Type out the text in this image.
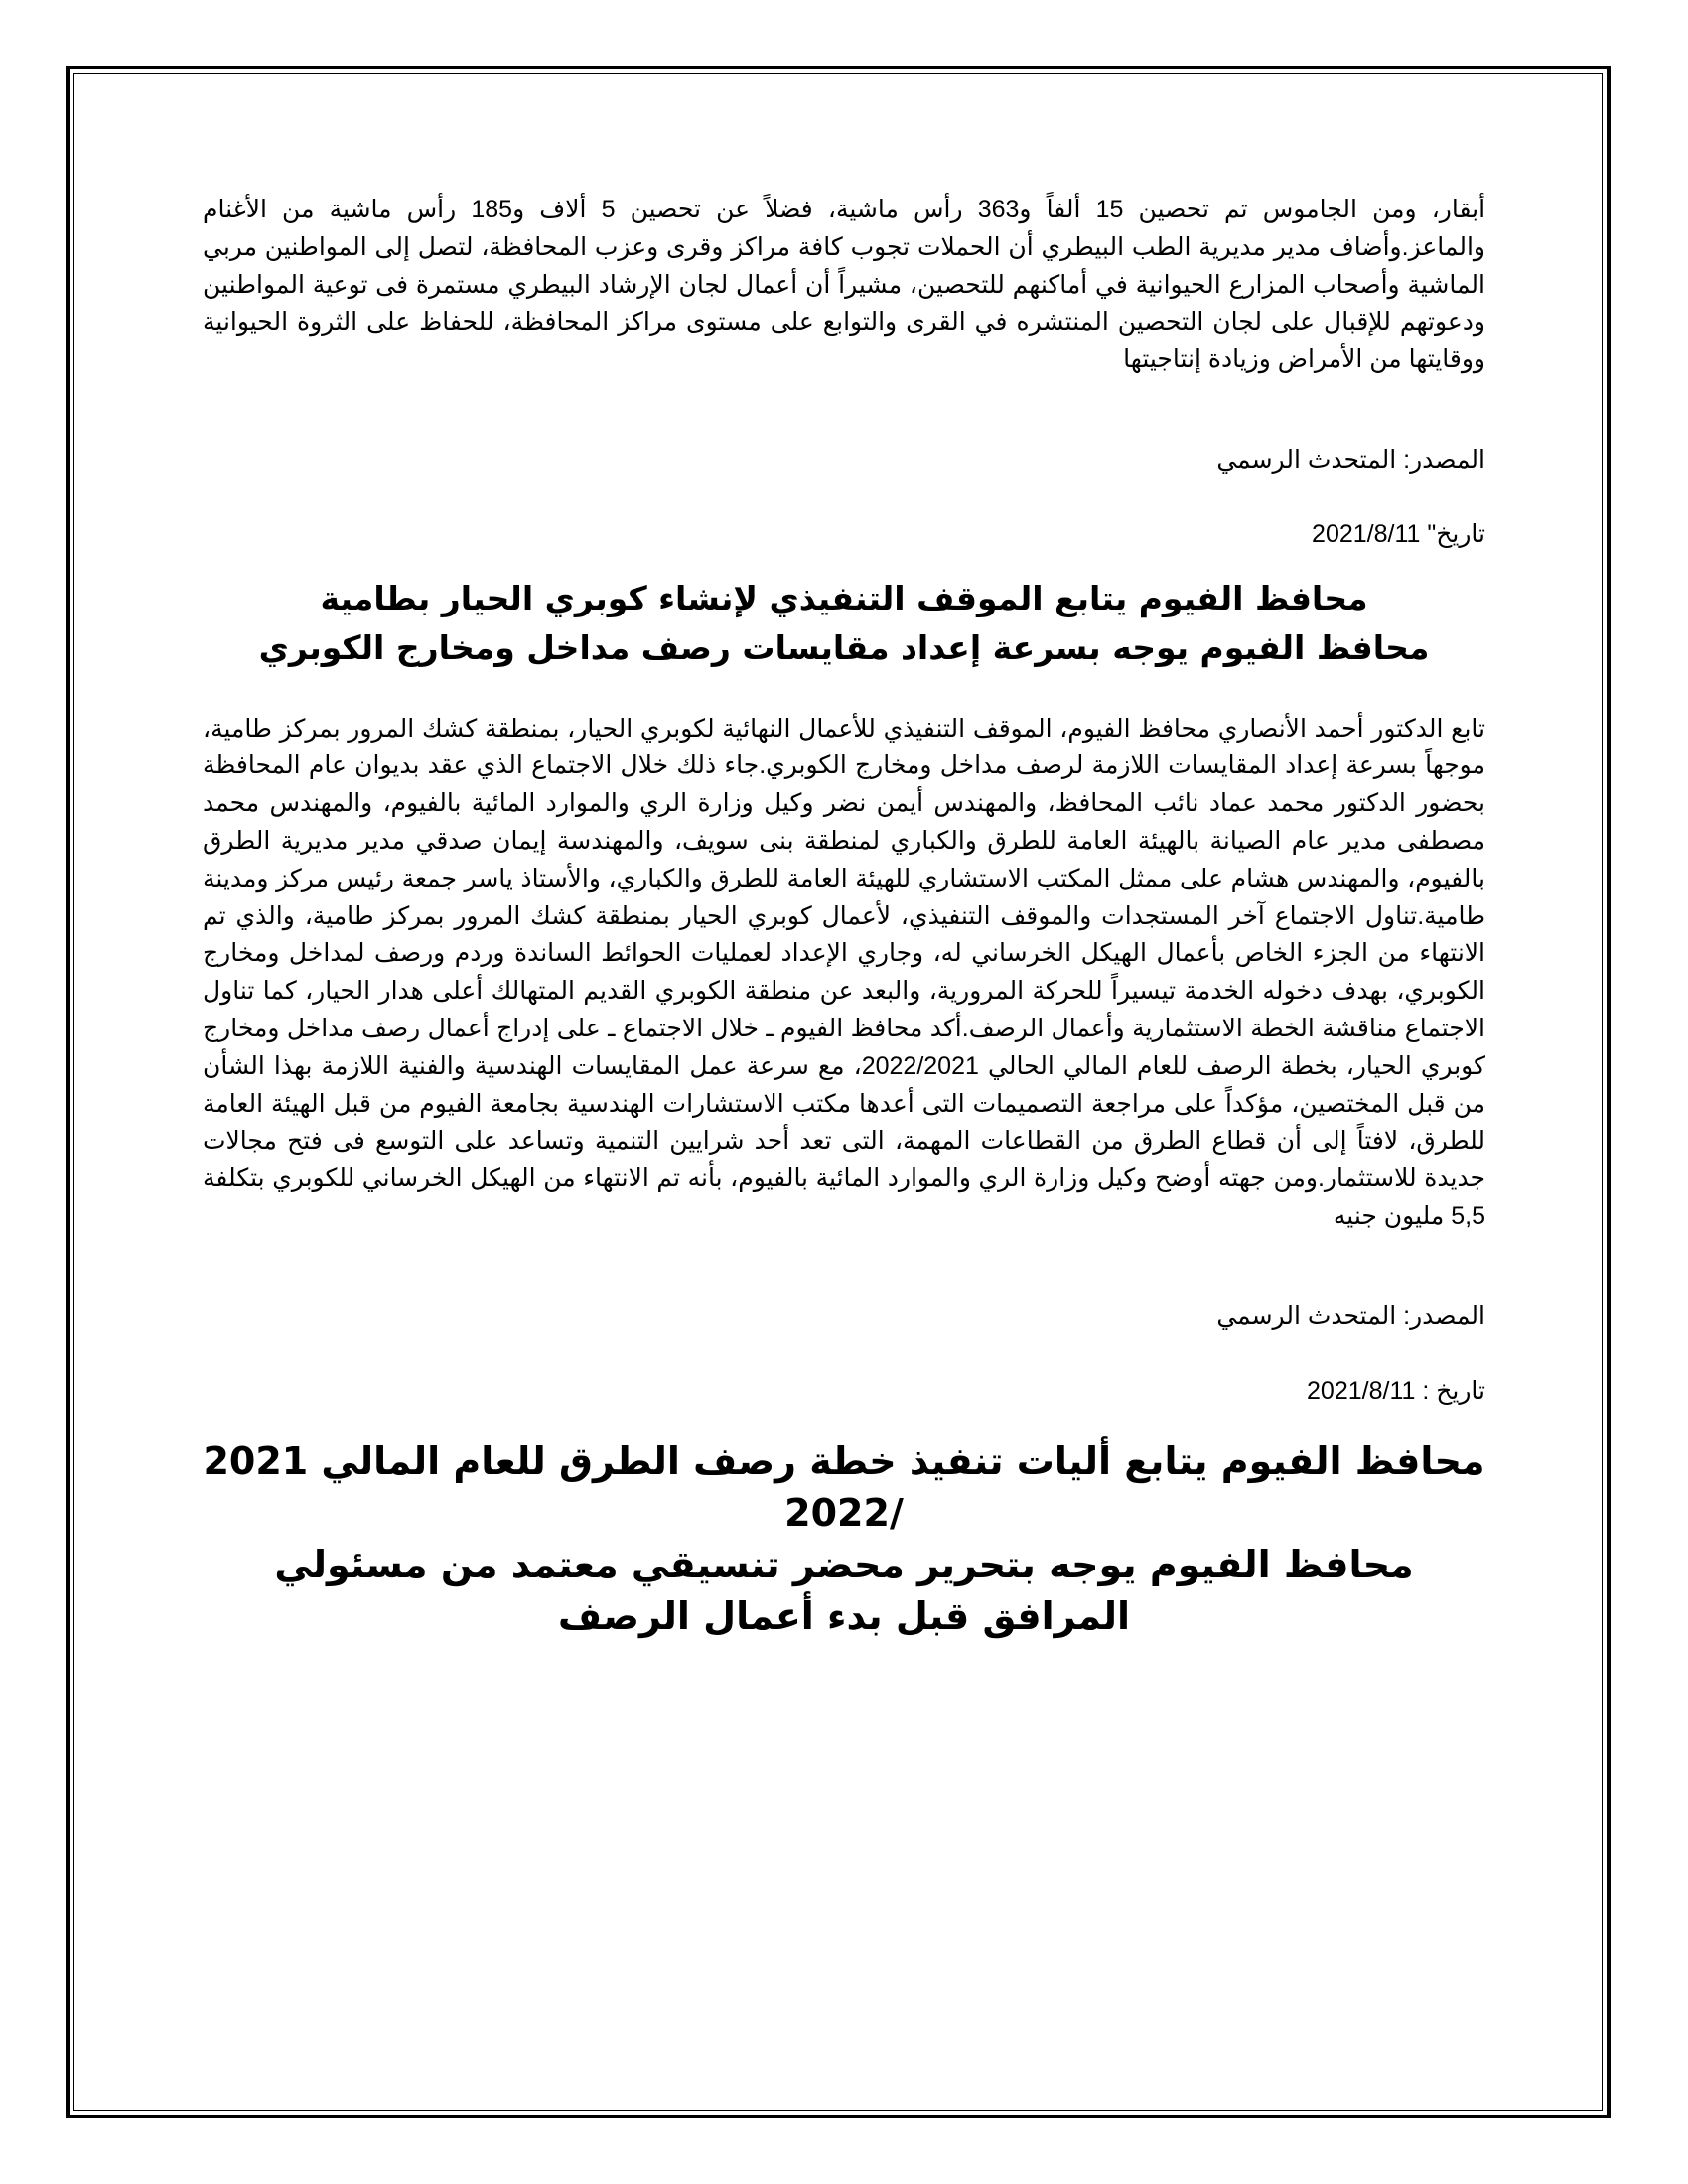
أبقار، ومن الجاموس تم تحصين 15 ألفاً و363 رأس ماشية، فضلاً عن تحصين 5 ألاف و185 رأس ماشية من الأغنام والماعز.وأضاف مدير مديرية الطب البيطري أن الحملات تجوب كافة مراكز وقرى وعزب المحافظة، لتصل إلى المواطنين مربي الماشية وأصحاب المزارع الحيوانية في أماكنهم للتحصين، مشيراً أن أعمال لجان الإرشاد البيطري مستمرة فى توعية المواطنين ودعوتهم للإقبال على لجان التحصين المنتشره في القرى والتوابع على مستوى مراكز المحافظة، للحفاظ على الثروة الحيوانية ووقايتها من الأمراض وزيادة إنتاجيتها

المصدر: المتحدث الرسمي

تاريخ" 2021/8/11

محافظ الفيوم يتابع الموقف التنفيذي لإنشاء كوبري الحيار بطامية
محافظ الفيوم يوجه بسرعة إعداد مقايسات رصف مداخل ومخارج الكوبري

تابع الدكتور أحمد الأنصاري محافظ الفيوم، الموقف التنفيذي للأعمال النهائية لكوبري الحيار، بمنطقة كشك المرور بمركز طامية، موجهاً بسرعة إعداد المقايسات اللازمة لرصف مداخل ومخارج الكوبري.جاء ذلك خلال الاجتماع الذي عقد بديوان عام المحافظة بحضور الدكتور محمد عماد نائب المحافظ، والمهندس أيمن نضر وكيل وزارة الري والموارد المائية بالفيوم، والمهندس محمد مصطفى مدير عام الصيانة بالهيئة العامة للطرق والكباري لمنطقة بنى سويف، والمهندسة إيمان صدقي مدير مديرية الطرق بالفيوم، والمهندس هشام على ممثل المكتب الاستشاري للهيئة العامة للطرق والكباري، والأستاذ ياسر جمعة رئيس مركز ومدينة طامية.تناول الاجتماع آخر المستجدات والموقف التنفيذي، لأعمال كوبري الحيار بمنطقة كشك المرور بمركز طامية، والذي تم الانتهاء من الجزء الخاص بأعمال الهيكل الخرساني له، وجاري الإعداد لعمليات الحوائط الساندة وردم ورصف لمداخل ومخارج الكوبري، بهدف دخوله الخدمة تيسيراً للحركة المرورية، والبعد عن منطقة الكوبري القديم المتهالك أعلى هدار الحيار، كما تناول الاجتماع مناقشة الخطة الاستثمارية وأعمال الرصف.أكد محافظ الفيوم ـ خلال الاجتماع ـ على إدراج أعمال رصف مداخل ومخارج كوبري الحيار، بخطة الرصف للعام المالي الحالي 2022/2021، مع سرعة عمل المقايسات الهندسية والفنية اللازمة بهذا الشأن من قبل المختصين، مؤكداً على مراجعة التصميمات التى أعدها مكتب الاستشارات الهندسية بجامعة الفيوم من قبل الهيئة العامة للطرق، لافتاً إلى أن قطاع الطرق من القطاعات المهمة، التى تعد أحد شرايين التنمية وتساعد على التوسع فى فتح مجالات جديدة للاستثمار.ومن جهته أوضح وكيل وزارة الري والموارد المائية بالفيوم، بأنه تم الانتهاء من الهيكل الخرساني للكوبري بتكلفة 5,5 مليون جنيه

المصدر: المتحدث الرسمي

تاريخ : 2021/8/11

محافظ الفيوم يتابع أليات تنفيذ خطة رصف الطرق للعام المالي 2021 /2022
محافظ الفيوم يوجه بتحرير محضر تنسيقي معتمد من مسئولي المرافق قبل بدء أعمال الرصف
